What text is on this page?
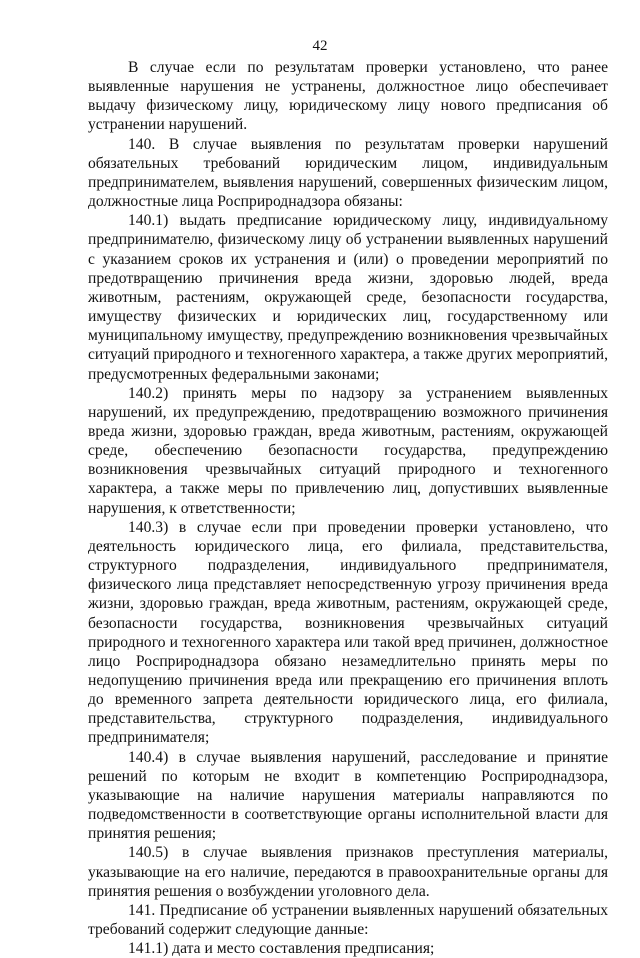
42

В случае если по результатам проверки установлено, что ранее выявленные нарушения не устранены, должностное лицо обеспечивает выдачу физическому лицу, юридическому лицу нового предписания об устранении нарушений.

140. В случае выявления по результатам проверки нарушений обязательных требований юридическим лицом, индивидуальным предпринимателем, выявления нарушений, совершенных физическим лицом, должностные лица Росприроднадзора обязаны:

140.1) выдать предписание юридическому лицу, индивидуальному предпринимателю, физическому лицу об устранении выявленных нарушений с указанием сроков их устранения и (или) о проведении мероприятий по предотвращению причинения вреда жизни, здоровью людей, вреда животным, растениям, окружающей среде, безопасности государства, имуществу физических и юридических лиц, государственному или муниципальному имуществу, предупреждению возникновения чрезвычайных ситуаций природного и техногенного характера, а также других мероприятий, предусмотренных федеральными законами;

140.2) принять меры по надзору за устранением выявленных нарушений, их предупреждению, предотвращению возможного причинения вреда жизни, здоровью граждан, вреда животным, растениям, окружающей среде, обеспечению безопасности государства, предупреждению возникновения чрезвычайных ситуаций природного и техногенного характера, а также меры по привлечению лиц, допустивших выявленные нарушения, к ответственности;

140.3) в случае если при проведении проверки установлено, что деятельность юридического лица, его филиала, представительства, структурного подразделения, индивидуального предпринимателя, физического лица представляет непосредственную угрозу причинения вреда жизни, здоровью граждан, вреда животным, растениям, окружающей среде, безопасности государства, возникновения чрезвычайных ситуаций природного и техногенного характера или такой вред причинен, должностное лицо Росприроднадзора обязано незамедлительно принять меры по недопущению причинения вреда или прекращению его причинения вплоть до временного запрета деятельности юридического лица, его филиала, представительства, структурного подразделения, индивидуального предпринимателя;

140.4) в случае выявления нарушений, расследование и принятие решений по которым не входит в компетенцию Росприроднадзора, указывающие на наличие нарушения материалы направляются по подведомственности в соответствующие органы исполнительной власти для принятия решения;

140.5) в случае выявления признаков преступления материалы, указывающие на его наличие, передаются в правоохранительные органы для принятия решения о возбуждении уголовного дела.

141. Предписание об устранении выявленных нарушений обязательных требований содержит следующие данные:

141.1) дата и место составления предписания;
